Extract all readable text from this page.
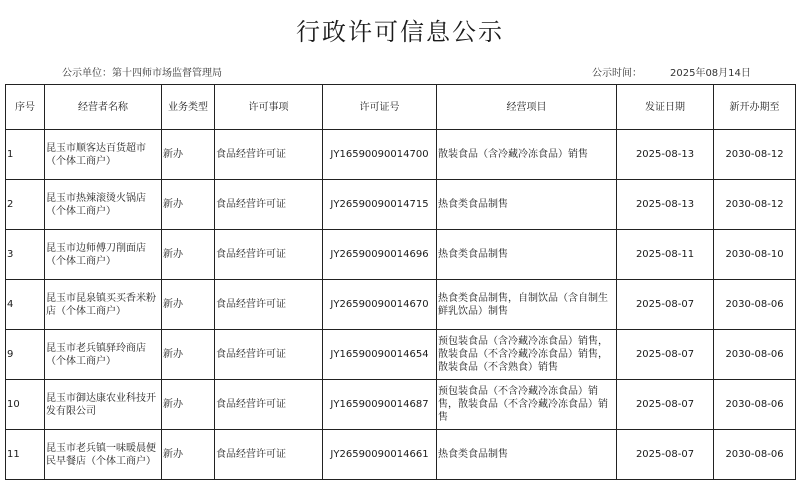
行政许可信息公示
公示单位：第十四师市场监督管理局	公示时间：	2025年08月14日
序号	经营者名称	业务类型	许可事项	许可证号	经营项目	发证日期	新开办期至
1	昆玉市顺客达百货超市（个体工商户）	新办	食品经营许可证	JY16590090014700	散装食品（含冷藏冷冻食品）销售	2025-08-13	2030-08-12
2	昆玉市热辣滚烫火锅店（个体工商户）	新办	食品经营许可证	JY26590090014715	热食类食品制售	2025-08-13	2030-08-12
3	昆玉市边师傅刀削面店（个体工商户）	新办	食品经营许可证	JY26590090014696	热食类食品制售	2025-08-11	2030-08-10
4	昆玉市昆泉镇买买香米粉店（个体工商户）	新办	食品经营许可证	JY26590090014670	热食类食品制售，自制饮品（含自制生鲜乳饮品）制售	2025-08-07	2030-08-06
9	昆玉市老兵镇驿玲商店（个体工商户）	新办	食品经营许可证	JY16590090014654	预包装食品（含冷藏冷冻食品）销售，散装食品（不含冷藏冷冻食品）销售，散装食品（不含熟食）销售	2025-08-07	2030-08-06
10	昆玉市御达康农业科技开发有限公司	新办	食品经营许可证	JY16590090014687	预包装食品（不含冷藏冷冻食品）销售，散装食品（不含冷藏冷冻食品）销售	2025-08-07	2030-08-06
11	昆玉市老兵镇一味暖晨便民早餐店（个体工商户）	新办	食品经营许可证	JY26590090014661	热食类食品制售	2025-08-07	2030-08-06
